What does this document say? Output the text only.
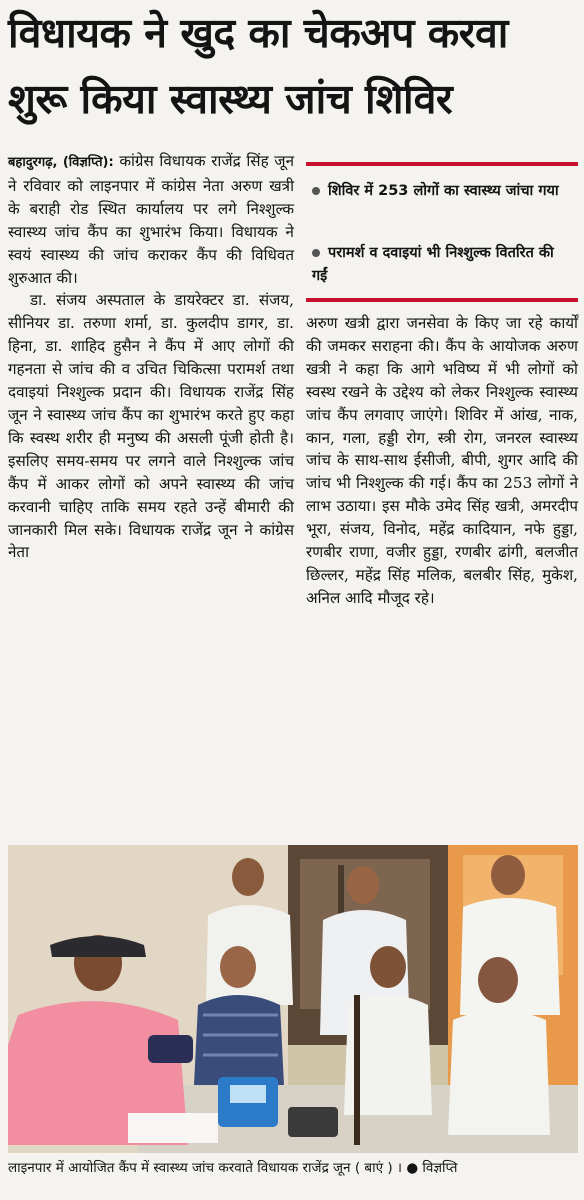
विधायक ने खुद का चेकअप करवा शुरू किया स्वास्थ्य जांच शिविर

बहादुरगढ़, (विज्ञप्ति): कांग्रेस विधायक राजेंद्र सिंह जून ने रविवार को लाइनपार में कांग्रेस नेता अरुण खत्री के बराही रोड स्थित कार्यालय पर लगे निश्शुल्क स्वास्थ्य जांच कैंप का शुभारंभ किया। विधायक ने स्वयं स्वास्थ्य की जांच कराकर कैंप की विधिवत शुरुआत की।

डा. संजय अस्पताल के डायरेक्टर डा. संजय, सीनियर डा. तरुणा शर्मा, डा. कुलदीप डागर, डा. हिना, डा. शाहिद हुसैन ने कैंप में आए लोगों की गहनता से जांच की व उचित चिकित्सा परामर्श तथा दवाइयां निश्शुल्क प्रदान की। विधायक राजेंद्र सिंह जून ने स्वास्थ्य जांच कैंप का शुभारंभ करते हुए कहा कि स्वस्थ शरीर ही मनुष्य की असली पूंजी होती है। इसलिए समय-समय पर लगने वाले निश्शुल्क जांच कैंप में आकर लोगों को अपने स्वास्थ्य की जांच करवानी चाहिए ताकि समय रहते उन्हें बीमारी की जानकारी मिल सके। विधायक राजेंद्र जून ने कांग्रेस नेता

शिविर में 253 लोगों का स्वास्थ्य जांचा गया
परामर्श व दवाइयां भी निश्शुल्क वितरित की गईं

अरुण खत्री द्वारा जनसेवा के किए जा रहे कार्यों की जमकर सराहना की। कैंप के आयोजक अरुण खत्री ने कहा कि आगे भविष्य में भी लोगों को स्वस्थ रखने के उद्देश्य को लेकर निश्शुल्क स्वास्थ्य जांच कैंप लगवाए जाएंगे। शिविर में आंख, नाक, कान, गला, हड्डी रोग, स्त्री रोग, जनरल स्वास्थ्य जांच के साथ-साथ ईसीजी, बीपी, शुगर आदि की जांच भी निश्शुल्क की गई। कैंप का 253 लोगों ने लाभ उठाया। इस मौके उमेद सिंह खत्री, अमरदीप भूरा, संजय, विनोद, महेंद्र कादियान, नफे हुड्डा, रणबीर राणा, वजीर हुड्डा, रणबीर ढांगी, बलजीत छिल्लर, महेंद्र सिंह मलिक, बलबीर सिंह, मुकेश, अनिल आदि मौजूद रहे।

लाइनपार में आयोजित कैंप में स्वास्थ्य जांच करवाते विधायक राजेंद्र जून ( बाएं ) । ● विज्ञप्ति
